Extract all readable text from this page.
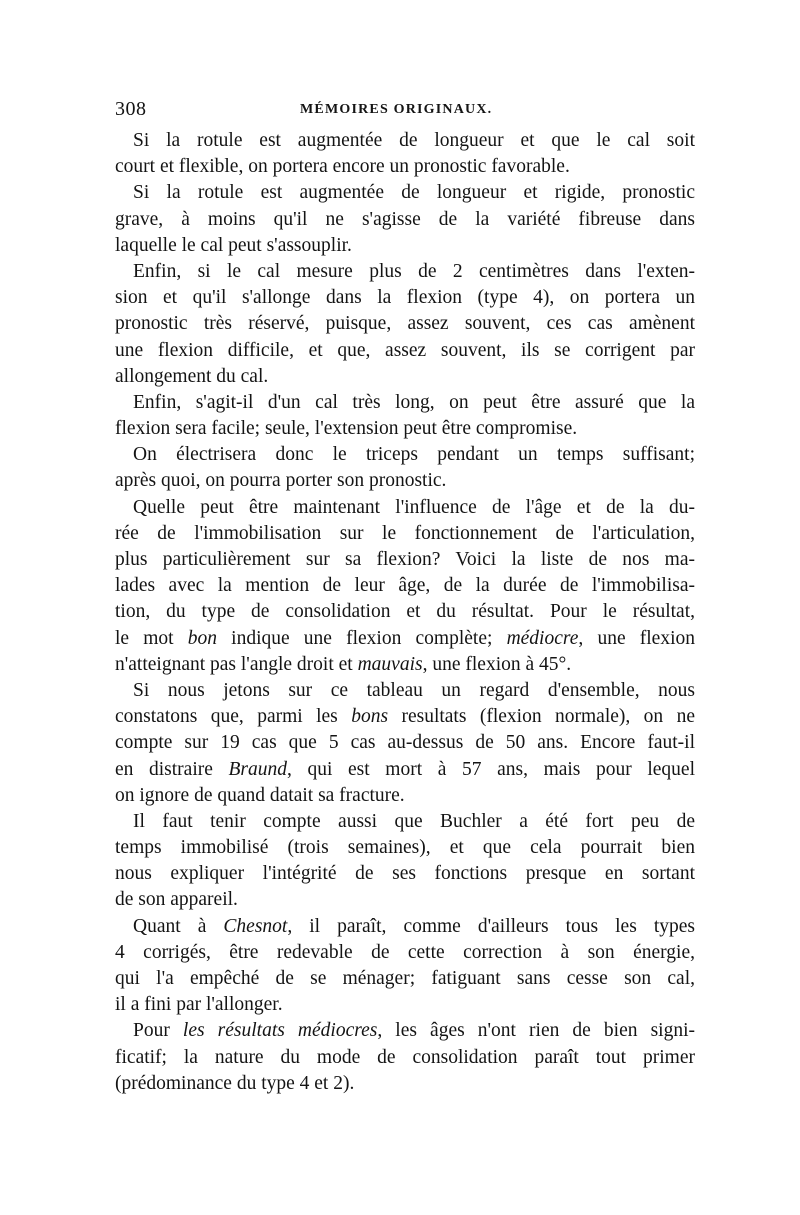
308	MÉMOIRES ORIGINAUX.
Si la rotule est augmentée de longueur et que le cal soit
court et flexible, on portera encore un pronostic favorable.
Si la rotule est augmentée de longueur et rigide, pronostic
grave, à moins qu'il ne s'agisse de la variété fibreuse dans
laquelle le cal peut s'assouplir.
Enfin, si le cal mesure plus de 2 centimètres dans l'exten-
sion et qu'il s'allonge dans la flexion (type 4), on portera un
pronostic très réservé, puisque, assez souvent, ces cas amènent
une flexion difficile, et que, assez souvent, ils se corrigent par
allongement du cal.
Enfin, s'agit-il d'un cal très long, on peut être assuré que la
flexion sera facile; seule, l'extension peut être compromise.
On électrisera donc le triceps pendant un temps suffisant;
après quoi, on pourra porter son pronostic.
Quelle peut être maintenant l'influence de l'âge et de la du-
rée de l'immobilisation sur le fonctionnement de l'articulation,
plus particulièrement sur sa flexion? Voici la liste de nos ma-
lades avec la mention de leur âge, de la durée de l'immobilisa-
tion, du type de consolidation et du résultat. Pour le résultat,
le mot bon indique une flexion complète; médiocre, une flexion
n'atteignant pas l'angle droit et mauvais, une flexion à 45°.
Si nous jetons sur ce tableau un regard d'ensemble, nous
constatons que, parmi les bons resultats (flexion normale), on ne
compte sur 19 cas que 5 cas au-dessus de 50 ans. Encore faut-il
en distraire Braund, qui est mort à 57 ans, mais pour lequel
on ignore de quand datait sa fracture.
Il faut tenir compte aussi que Buchler a été fort peu de
temps immobilisé (trois semaines), et que cela pourrait bien
nous expliquer l'intégrité de ses fonctions presque en sortant
de son appareil.
Quant à Chesnot, il paraît, comme d'ailleurs tous les types
4 corrigés, être redevable de cette correction à son énergie,
qui l'a empêché de se ménager; fatiguant sans cesse son cal,
il a fini par l'allonger.
Pour les résultats médiocres, les âges n'ont rien de bien signi-
ficatif; la nature du mode de consolidation paraît tout primer
(prédominance du type 4 et 2).
